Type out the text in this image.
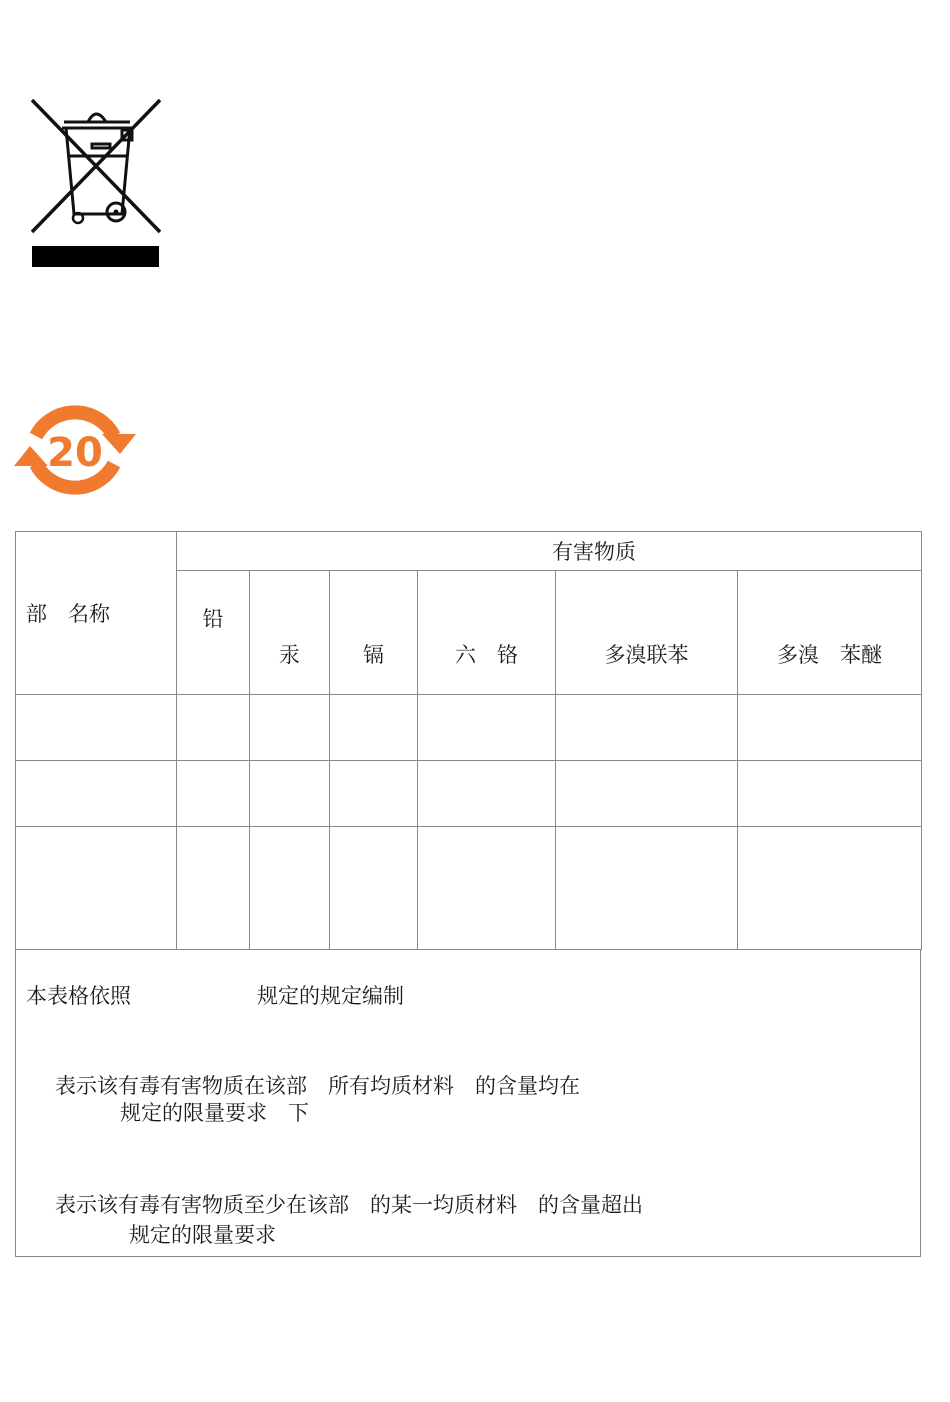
20
部　名称	有害物质					
	铅	汞	镉	六　铬	多溴联苯	多溴　苯醚

本表格依照	规定的规定编制
表示该有毒有害物质在该部　所有均质材料　的含量均在
规定的限量要求　下
表示该有毒有害物质至少在该部　的某一均质材料　的含量超出
规定的限量要求
